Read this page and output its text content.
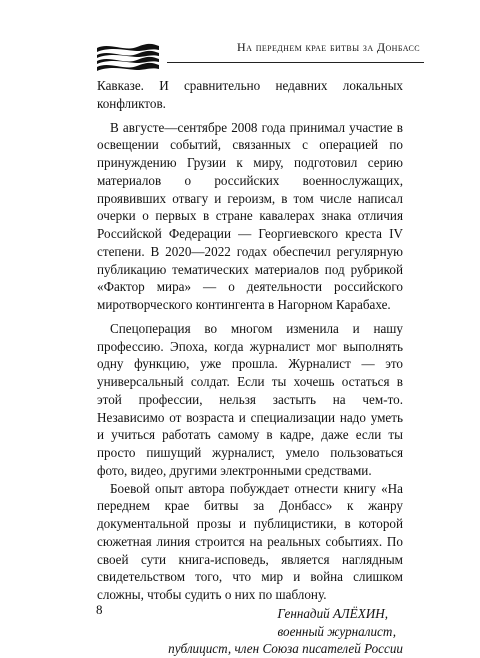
На переднем крае битвы за Донбасс

Кавказе. И сравнительно недавних локальных конфликтов.

В августе—сентябре 2008 года принимал участие в освещении событий, связанных с операцией по принуждению Грузии к миру, подготовил серию материалов о российских военнослужащих, проявивших отвагу и героизм, в том числе написал очерки о первых в стране кавалерах знака отличия Российской Федерации — Георгиевского креста IV степени. В 2020—2022 годах обеспечил регулярную публикацию тематических материалов под рубрикой «Фактор мира» — о деятельности российского миротворческого контингента в Нагорном Карабахе.

Спецоперация во многом изменила и нашу профессию. Эпоха, когда журналист мог выполнять одну функцию, уже прошла. Журналист — это универсальный солдат. Если ты хочешь остаться в этой профессии, нельзя застыть на чем-то. Независимо от возраста и специализации надо уметь и учиться работать самому в кадре, даже если ты просто пишущий журналист, умело пользоваться фото, видео, другими электронными средствами.

Боевой опыт автора побуждает отнести книгу «На переднем крае битвы за Донбасс» к жанру документальной прозы и публицистики, в которой сюжетная линия строится на реальных событиях. По своей сути книга-исповедь, является наглядным свидетельством того, что мир и война слишком сложны, чтобы судить о них по шаблону.

Геннадий АЛЁХИН,
военный журналист,
публицист, член Союза писателей России
8
